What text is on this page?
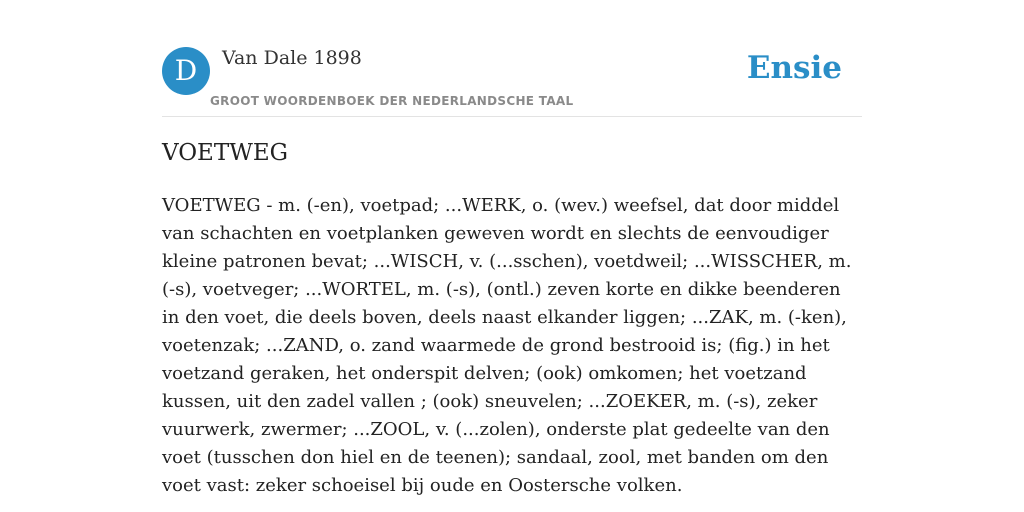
D	Van Dale 1898
GROOT WOORDENBOEK DER NEDERLANDSCHE TAAL
Ensie
VOETWEG

VOETWEG - m. (-en), voetpad; ...WERK, o. (wev.) weefsel, dat door middel van schachten en voetplanken geweven wordt en slechts de eenvoudiger kleine patronen bevat; ...WISCH, v. (...sschen), voetdweil; ...WISSCHER, m. (-s), voetveger; ...WORTEL, m. (-s), (ontl.) zeven korte en dikke beenderen in den voet, die deels boven, deels naast elkander liggen; ...ZAK, m. (-ken), voetenzak; ...ZAND, o. zand waarmede de grond bestrooid is; (fig.) in het voetzand geraken, het onderspit delven; (ook) omkomen; het voetzand kussen, uit den zadel vallen ; (ook) sneuvelen; ...ZOEKER, m. (-s), zeker vuurwerk, zwermer; ...ZOOL, v. (...zolen), onderste plat gedeelte van den voet (tusschen don hiel en de teenen); sandaal, zool, met banden om den voet vast: zeker schoeisel bij oude en Oostersche volken.
